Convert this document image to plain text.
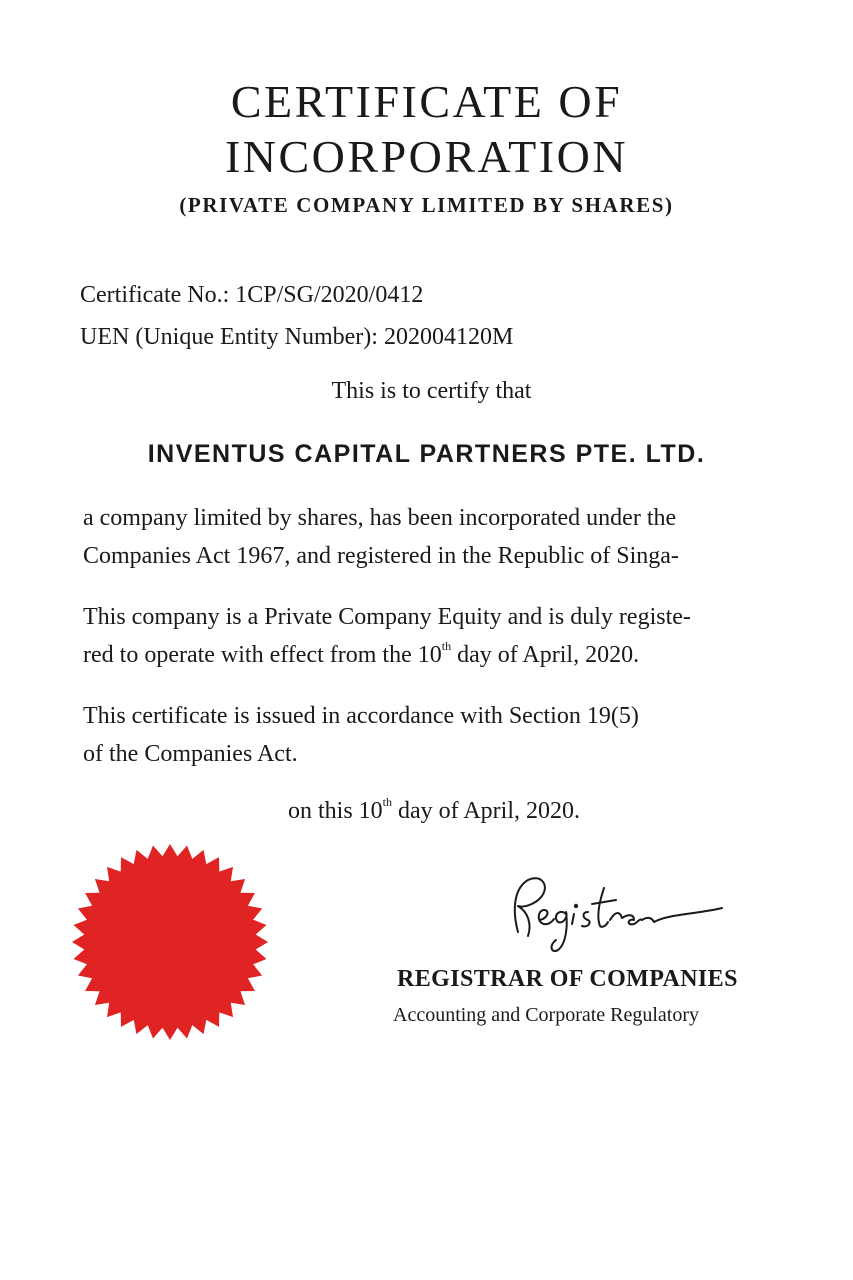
CERTIFICATE OF
INCORPORATION
(PRIVATE COMPANY LIMITED BY SHARES)
Certificate No.: 1CP/SG/2020/0412
UEN (Unique Entity Number): 202004120M
This is to certify that
INVENTUS CAPITAL PARTNERS PTE. LTD.
a company limited by shares, has been incorporated under the
Companies Act 1967, and registered in the Republic of Singa-
This company is a Private Company Equity and is duly registe-
red to operate with effect from the 10th day of April, 2020.
This certificate is issued in accordance with Section 19(5)
of the Companies Act.
on this 10th day of April, 2020.
REGISTRAR OF COMPANIES
Accounting and Corporate Regulatory
